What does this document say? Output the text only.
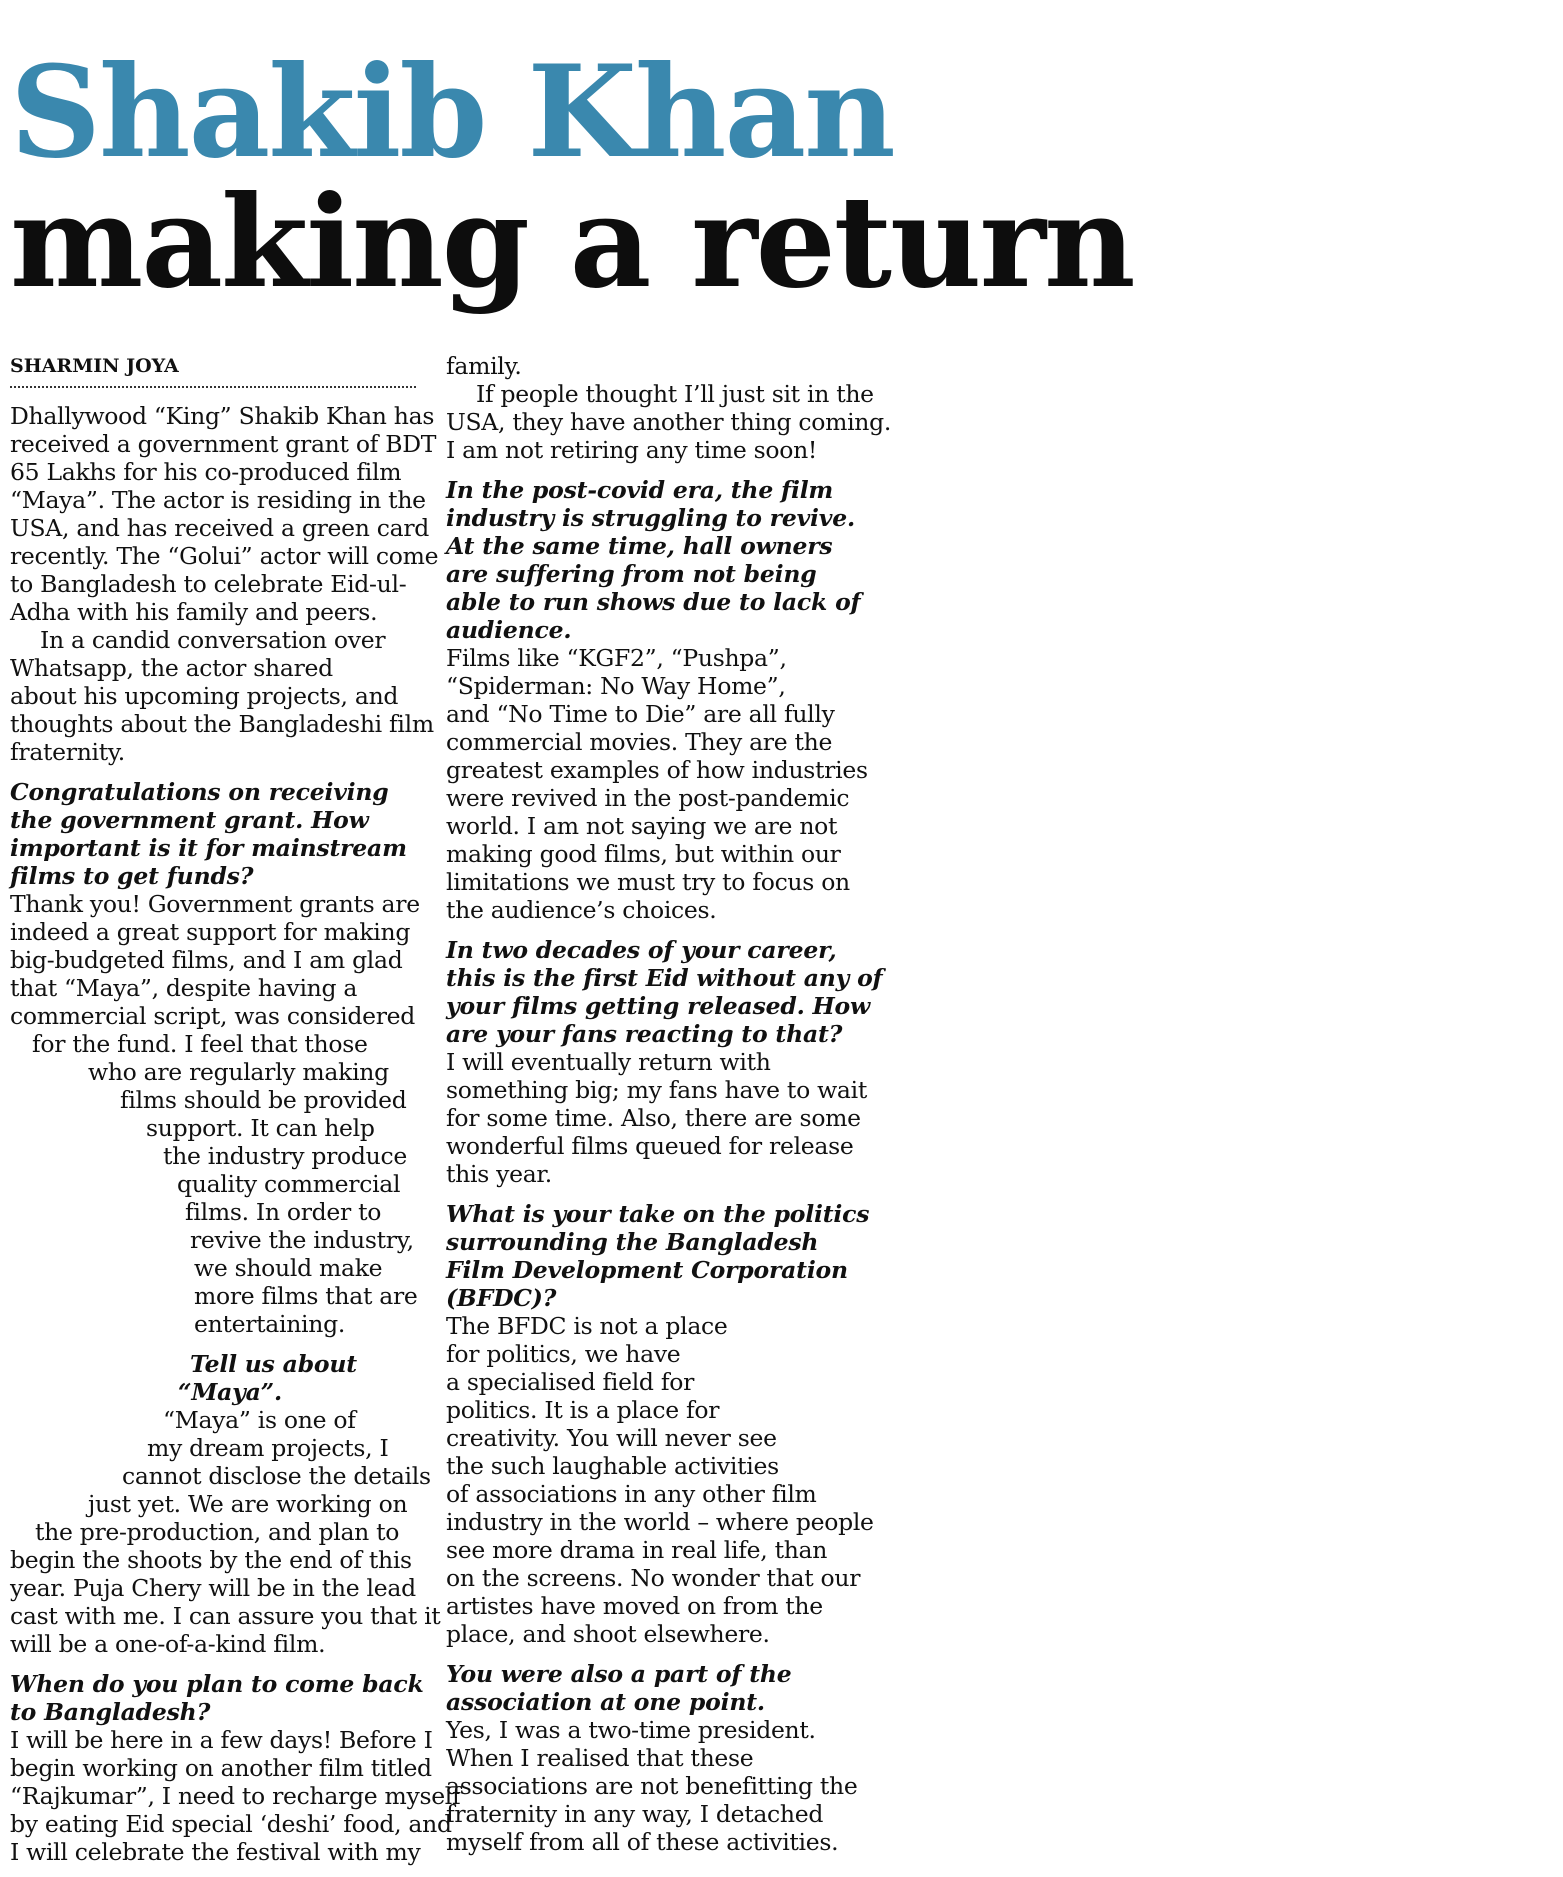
Shakib Khan
making a return
SHARMIN JOYA
Dhallywood “King” Shakib Khan has
received a government grant of BDT
65 Lakhs for his co-produced film
“Maya”. The actor is residing in the
USA, and has received a green card
recently. The “Golui” actor will come
to Bangladesh to celebrate Eid-ul-
Adha with his family and peers.
In a candid conversation over
Whatsapp, the actor shared
about his upcoming projects, and
thoughts about the Bangladeshi film
fraternity.
Congratulations on receiving
the government grant. How
important is it for mainstream
films to get funds?
Thank you! Government grants are
indeed a great support for making
big-budgeted films, and I am glad
that “Maya”, despite having a
commercial script, was considered
for the fund. I feel that those
who are regularly making
films should be provided
support. It can help
the industry produce
quality commercial
films. In order to
revive the industry,
we should make
more films that are
entertaining.
Tell us about
“Maya”.
“Maya” is one of
my dream projects, I
cannot disclose the details
just yet. We are working on
the pre-production, and plan to
begin the shoots by the end of this
year. Puja Chery will be in the lead
cast with me. I can assure you that it
will be a one-of-a-kind film.
When do you plan to come back
to Bangladesh?
I will be here in a few days! Before I
begin working on another film titled
“Rajkumar”, I need to recharge myself
by eating Eid special ‘deshi’ food, and
I will celebrate the festival with my
family.
If people thought I’ll just sit in the
USA, they have another thing coming.
I am not retiring any time soon!
In the post-covid era, the film
industry is struggling to revive.
At the same time, hall owners
are suffering from not being
able to run shows due to lack of
audience.
Films like “KGF2”, “Pushpa”,
“Spiderman: No Way Home”,
and “No Time to Die” are all fully
commercial movies. They are the
greatest examples of how industries
were revived in the post-pandemic
world. I am not saying we are not
making good films, but within our
limitations we must try to focus on
the audience’s choices.
In two decades of your career,
this is the first Eid without any of
your films getting released. How
are your fans reacting to that?
I will eventually return with
something big; my fans have to wait
for some time. Also, there are some
wonderful films queued for release
this year.
What is your take on the politics
surrounding the Bangladesh
Film Development Corporation
(BFDC)?
The BFDC is not a place
for politics, we have
a specialised field for
politics. It is a place for
creativity. You will never see
the such laughable activities
of associations in any other film
industry in the world – where people
see more drama in real life, than
on the screens. No wonder that our
artistes have moved on from the
place, and shoot elsewhere.
You were also a part of the
association at one point.
Yes, I was a two-time president.
When I realised that these
associations are not benefitting the
fraternity in any way, I detached
myself from all of these activities.
